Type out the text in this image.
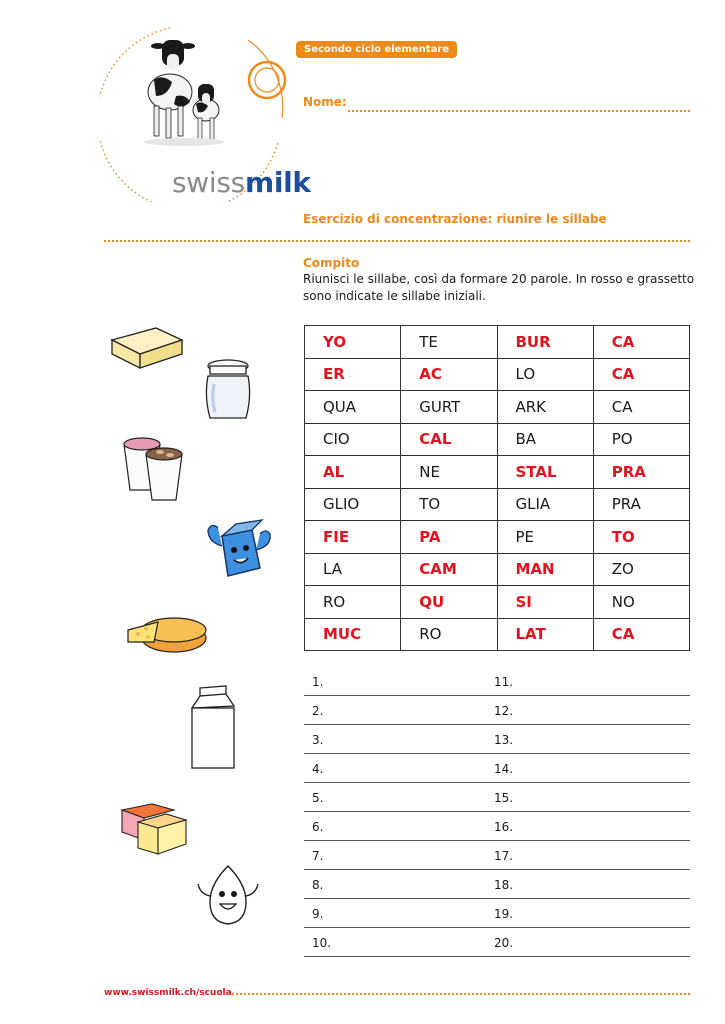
swissmilk
Secondo ciclo elementare
Nome:
Esercizio di concentrazione: riunire le sillabe
Compito
Riunisci le sillabe, così da formare 20 parole. In rosso e grassetto sono indicate le sillabe iniziali.
YO	TE	BUR	CA
ER	AC	LO	CA
QUA	GURT	ARK	CA
CIO	CAL	BA	PO
AL	NE	STAL	PRA
GLIO	TO	GLIA	PRA
FIE	PA	PE	TO
LA	CAM	MAN	ZO
RO	QU	SI	NO
MUC	RO	LAT	CA
1.
2.
3.
4.
5.
6.
7.
8.
9.
10.
11.
12.
13.
14.
15.
16.
17.
18.
19.
20.
www.swissmilk.ch/scuola
